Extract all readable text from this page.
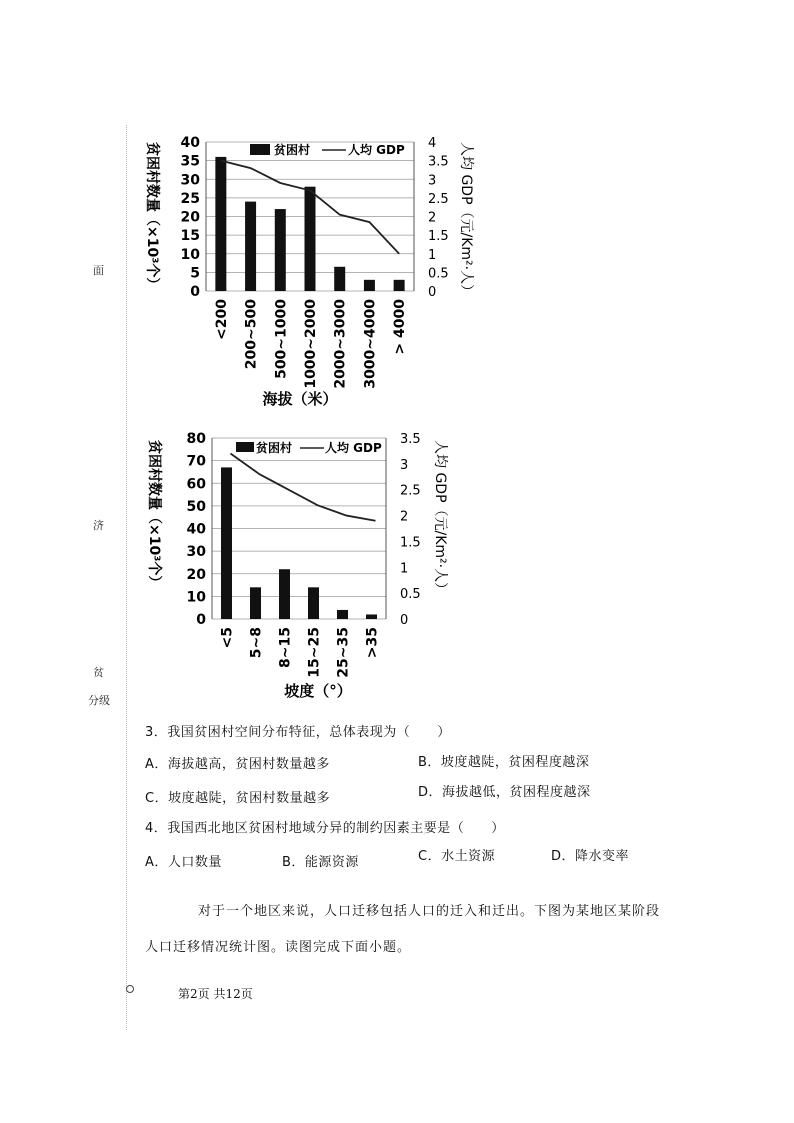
面
济
贫
分级
贫困村	人均 GDP
贫困村数量（×10³个）	人均 GDP（元/Km²·人）
海拔（米）
0
5
10
15
20
25
30
35
40
0
0.5
1
1.5
2
2.5
3
3.5
4
<200 200~500 500~1000 1000~2000 2000~3000 3000~4000 > 4000
贫困村	人均 GDP
贫困村数量（×10³个）	人均 GDP（元/Km²·人）
坡度（°）
0
10
20
30
40
50
60
70
80
0
0.5
1
1.5
2
2.5
3
3.5
<5 5~8 8~15 15~25 25~35 >35
3．我国贫困村空间分布特征，总体表现为（　　）
A．海拔越高，贫困村数量越多	B．坡度越陡，贫困程度越深
C．坡度越陡，贫困村数量越多	D．海拔越低，贫困程度越深
4．我国西北地区贫困村地域分异的制约因素主要是（　　）
A．人口数量	B．能源资源	C．水土资源	D．降水变率
对于一个地区来说，人口迁移包括人口的迁入和迁出。下图为某地区某阶段
人口迁移情况统计图。读图完成下面小题。
第2页 共12页
